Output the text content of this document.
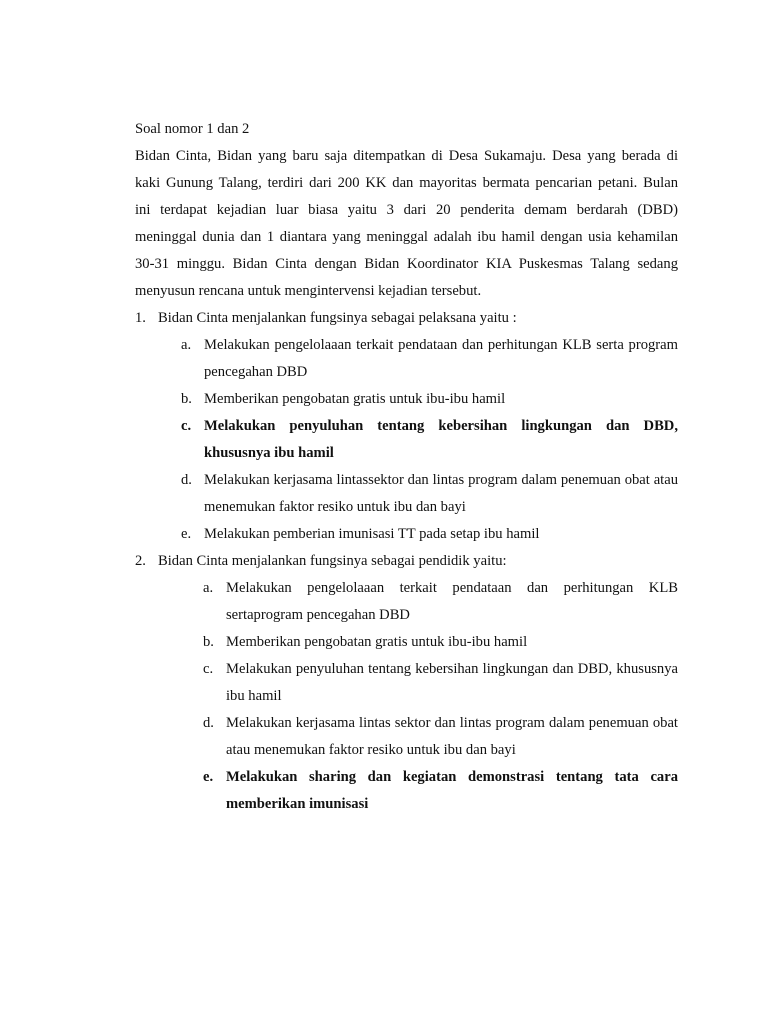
Soal nomor 1 dan 2

Bidan Cinta, Bidan yang baru saja ditempatkan di Desa Sukamaju. Desa yang berada di
kaki Gunung Talang, terdiri dari 200 KK dan mayoritas bermata pencarian petani. Bulan
ini terdapat kejadian luar biasa yaitu 3 dari 20 penderita demam berdarah (DBD)
meninggal dunia dan 1 diantara yang meninggal adalah ibu hamil dengan usia kehamilan
30-31 minggu. Bidan Cinta dengan Bidan Koordinator KIA Puskesmas Talang sedang
menyusun rencana untuk mengintervensi kejadian tersebut.
1. Bidan Cinta menjalankan fungsinya sebagai pelaksana yaitu :
a. Melakukan pengelolaaan terkait pendataan dan perhitungan KLB serta program
pencegahan DBD
b. Memberikan pengobatan gratis untuk ibu-ibu hamil
c. Melakukan penyuluhan tentang kebersihan lingkungan dan DBD,
khususnya ibu hamil
d. Melakukan kerjasama lintassektor dan lintas program dalam penemuan obat atau
menemukan faktor resiko untuk ibu dan bayi
e. Melakukan pemberian imunisasi TT pada setap ibu hamil
2. Bidan Cinta menjalankan fungsinya sebagai pendidik yaitu:
a. Melakukan pengelolaaan terkait pendataan dan perhitungan KLB
sertaprogram pencegahan DBD
b. Memberikan pengobatan gratis untuk ibu-ibu hamil
c. Melakukan penyuluhan tentang kebersihan lingkungan dan DBD, khususnya
ibu hamil
d. Melakukan kerjasama lintas sektor dan lintas program dalam penemuan obat
atau menemukan faktor resiko untuk ibu dan bayi
e. Melakukan sharing dan kegiatan demonstrasi tentang tata cara
memberikan imunisasi
